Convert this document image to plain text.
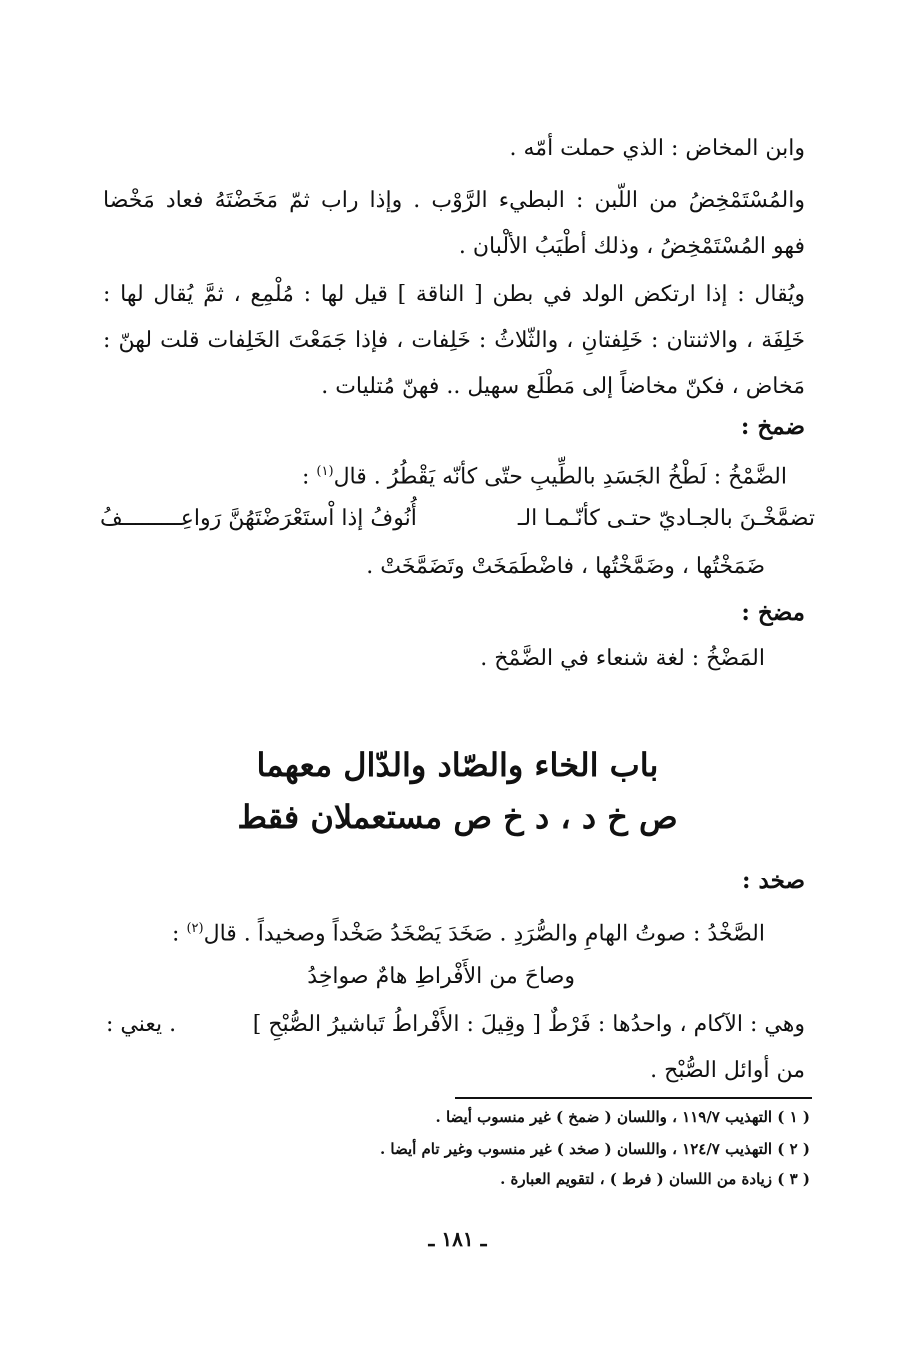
وابن المخاض : الذي حملت أمّه .
والمُسْتَمْخِضُ من اللّبن : البطيء الرَّوْب . وإذا راب ثمّ مَخَضْتَهُ فعاد مَخْضا
فهو المُسْتَمْخِضُ ، وذلك أطْيَبُ الألْبان .
ويُقال : إذا ارتكض الولد في بطن [ الناقة ] قيل لها : مُلْمِع ، ثمَّ يُقال لها :
خَلِفَة ، والاثنتان : خَلِفتانِ ، والثّلاثُ : خَلِفات ، فإذا جَمَعْتَ الخَلِفات قلت لهنّ :
مَخاض ، فكنّ مخاضاً إلى مَطْلَع سهيل .. فهنّ مُتليات .
ضمخ :
الضَّمْخُ : لَطْخُ الجَسَدِ بالطِّيبِ حتّى كأنّه يَقْطُرُ . قال$^{(١)}$ :
تضمَّخْـنَ بالجـاديّ حتـى كأنّـمـا الـ
أُنُوفُ إذا اْستَعْرَضْتَهُنَّ رَواعِـــــــــفُ
ضَمَخْتُها ، وضَمَّخْتُها ، فاضْطَمَخَتْ وتَضَمَّخَتْ .
مضخ :
المَضْخُ : لغة شنعاء في الضَّمْخ .
باب الخاء والصّاد والدّال معهما
ص خ د ، د خ ص مستعملان فقط
صخد :
الصَّخْدُ : صوتُ الهامِ والصُّرَدِ . صَخَدَ يَصْخَدُ صَخْداً وصخيداً . قال$^{(٢)}$ :
وصاحَ من الأَفْراطِ هامٌ صواخِدُ
وهي : الآكام ، واحدُها : فَرْطٌ [ وقِيلَ : الأَفْراطُ تَباشيرُ الصُّبْحِ ]
. يعني :
من أوائل الصُّبْح .
( ١ ) التهذيب ١١٩/٧ ، واللسان ( ضمخ ) غير منسوب أيضا .
( ٢ ) التهذيب ١٢٤/٧ ، واللسان ( صخد ) غير منسوب وغير تام أيضا .
( ٣ ) زيادة من اللسان ( فرط ) ، لتقويم العبارة .
ـ ١٨١ ـ
